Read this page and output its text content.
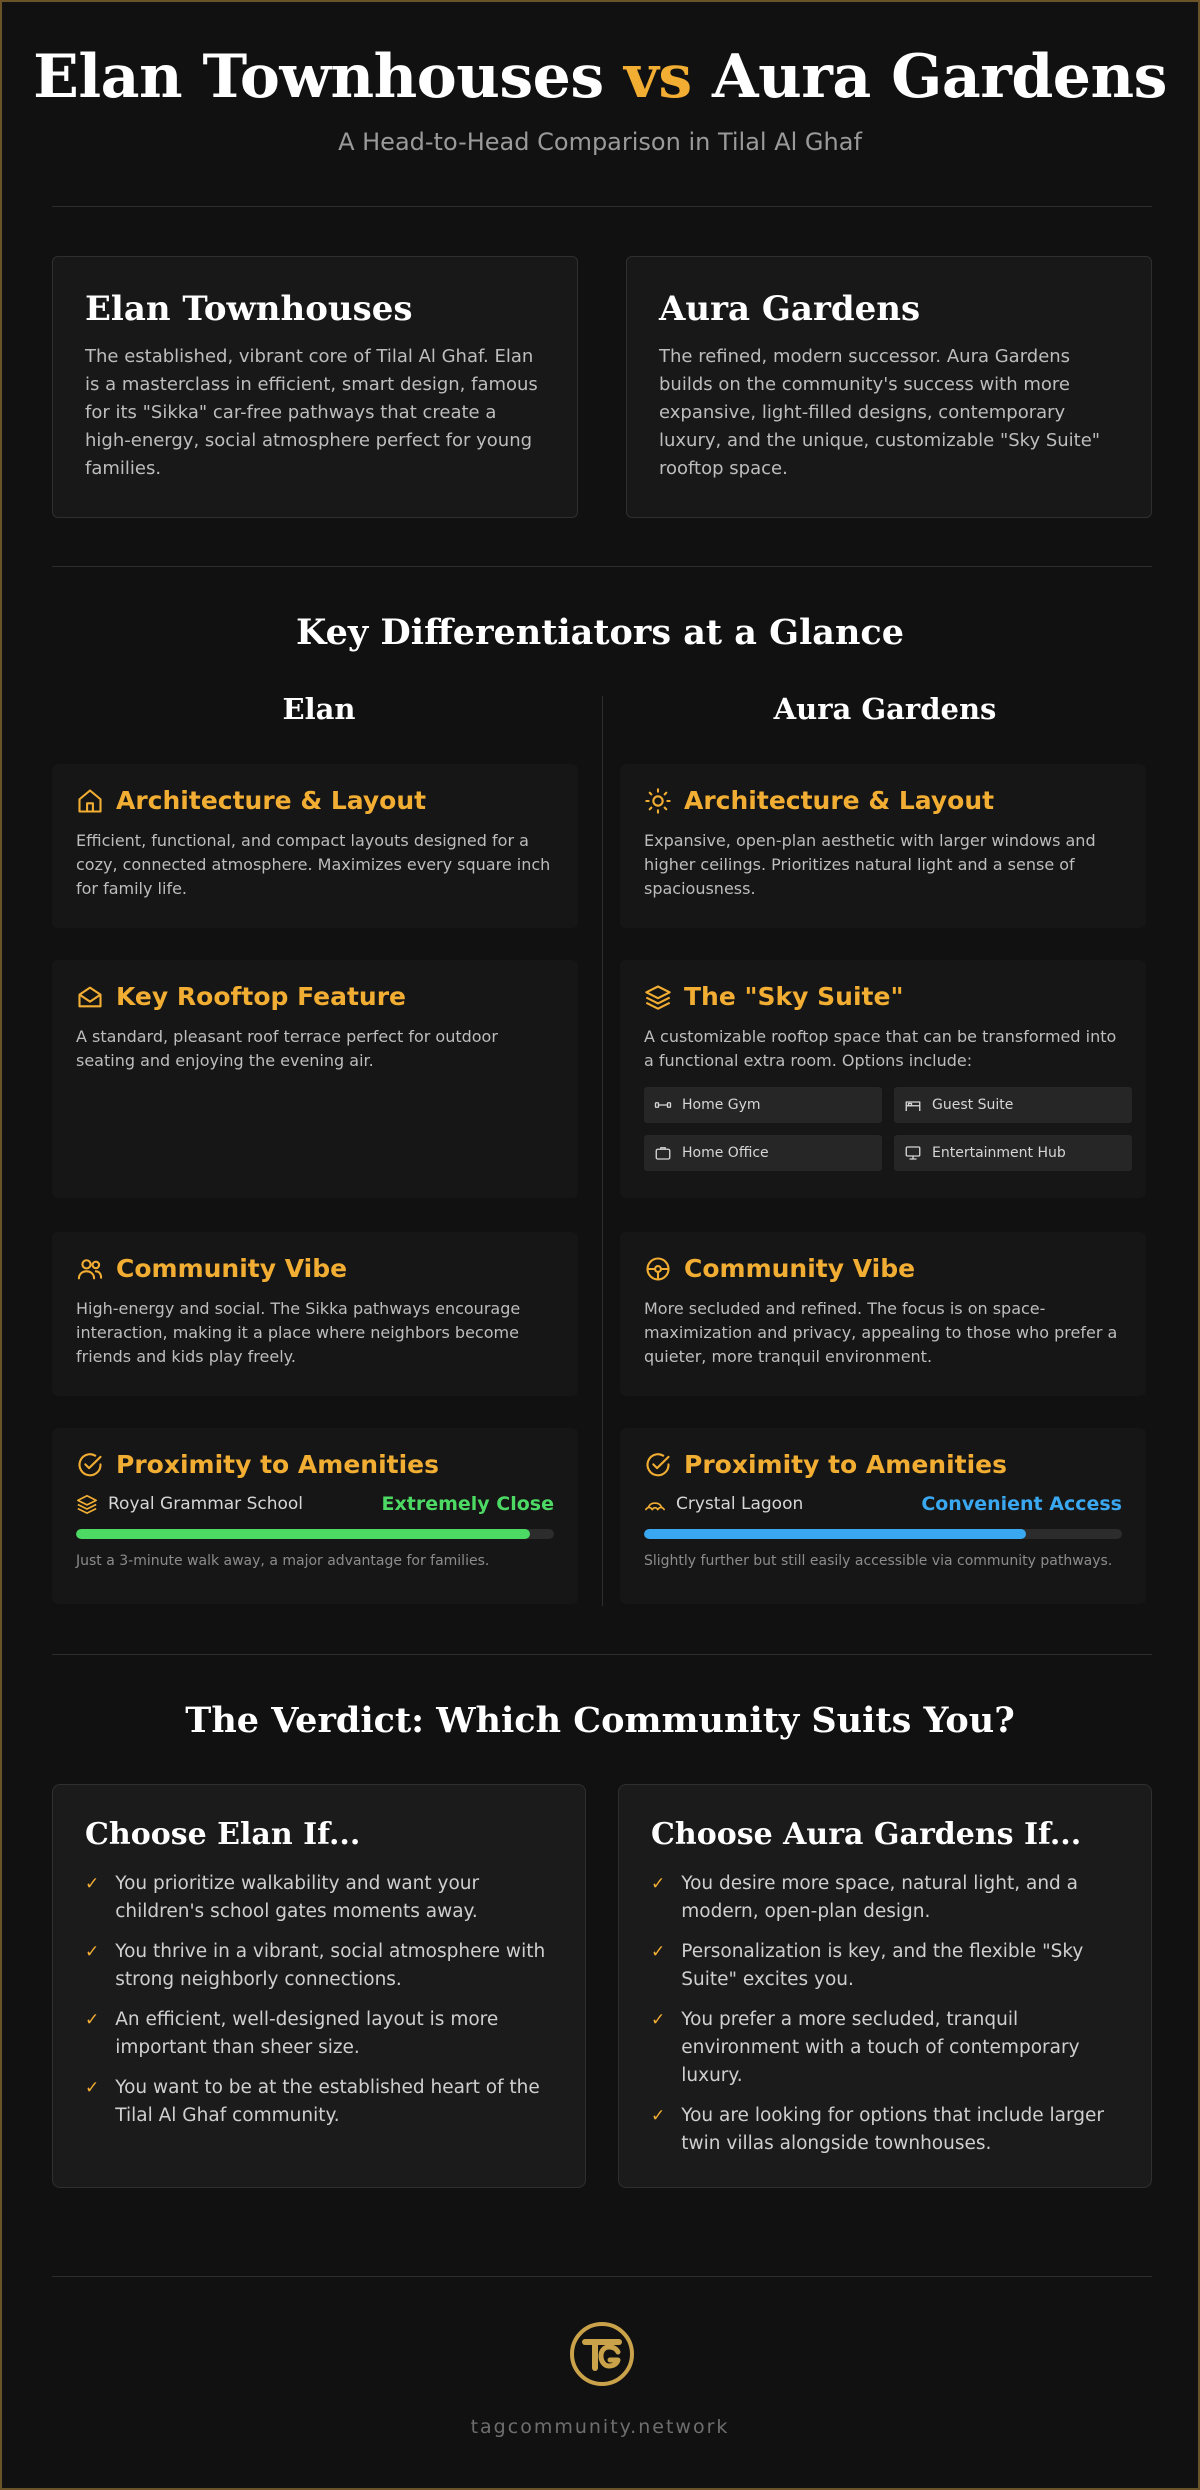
Elan Townhouses vs Aura Gardens
A Head-to-Head Comparison in Tilal Al Ghaf
Elan Townhouses

The established, vibrant core of Tilal Al Ghaf. Elan is a masterclass in efficient, smart design, famous for its "Sikka" car-free pathways that create a high-energy, social atmosphere perfect for young families.

Aura Gardens

The refined, modern successor. Aura Gardens builds on the community's success with more expansive, light-filled designs, contemporary luxury, and the unique, customizable "Sky Suite" rooftop space.

Key Differentiators at a Glance
Elan	Aura Gardens
Architecture & Layout

Efficient, functional, and compact layouts designed for a cozy, connected atmosphere. Maximizes every square inch for family life.

Architecture & Layout

Expansive, open-plan aesthetic with larger windows and higher ceilings. Prioritizes natural light and a sense of spaciousness.

Key Rooftop Feature

A standard, pleasant roof terrace perfect for outdoor seating and enjoying the evening air.

The "Sky Suite"

A customizable rooftop space that can be transformed into a functional extra room. Options include:

Home Gym	Guest Suite
Home Office	Entertainment Hub
Community Vibe

High-energy and social. The Sikka pathways encourage interaction, making it a place where neighbors become friends and kids play freely.

Community Vibe

More secluded and refined. The focus is on space-maximization and privacy, appealing to those who prefer a quieter, more tranquil environment.

Proximity to Amenities
Royal Grammar School	Extremely Close
Just a 3-minute walk away, a major advantage for families.
Proximity to Amenities
Crystal Lagoon	Convenient Access
Slightly further but still easily accessible via community pathways.
The Verdict: Which Community Suits You?
Choose Elan If...
✓ You prioritize walkability and want your children's school gates moments away.
✓ You thrive in a vibrant, social atmosphere with strong neighborly connections.
✓ An efficient, well-designed layout is more important than sheer size.
✓ You want to be at the established heart of the Tilal Al Ghaf community.
Choose Aura Gardens If...
✓ You desire more space, natural light, and a modern, open-plan design.
✓ Personalization is key, and the flexible "Sky Suite" excites you.
✓ You prefer a more secluded, tranquil environment with a touch of contemporary luxury.
✓ You are looking for options that include larger twin villas alongside townhouses.
tagcommunity.network
